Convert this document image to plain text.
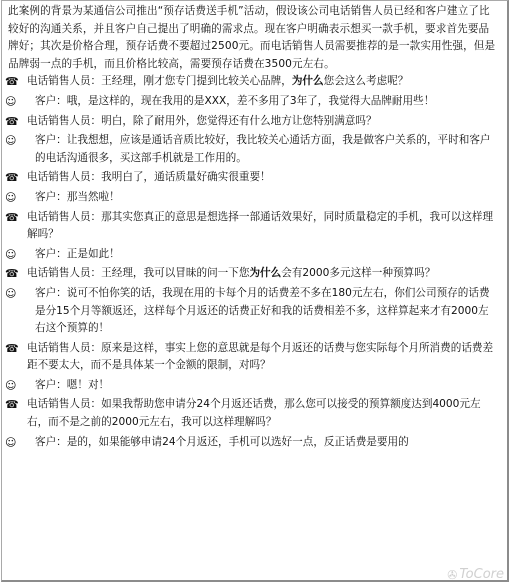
此案例的背景为某通信公司推出“预存话费送手机”活动，假设该公司电话销售人员已经和客户建立了比较好的沟通关系，并且客户自己提出了明确的需求点。现在客户明确表示想买一款手机，要求首先要品牌好；其次是价格合理，预存话费不要超过2500元。而电话销售人员需要推荐的是一款实用性强，但是品牌弱一点的手机，而且价格比较高，需要预存话费在3500元左右。
☎ 电话销售人员：王经理，刚才您专门提到比较关心品牌，为什么您会这么考虑呢？
☺	客户：哦，是这样的，现在我用的是XXX，差不多用了3年了，我觉得大品牌耐用些！
☎ 电话销售人员：明白，除了耐用外，您觉得还有什么地方让您特别满意吗？
☺	客户：让我想想，应该是通话音质比较好，我比较关心通话方面，我是做客户关系的，平时和客户的电话沟通很多，买这部手机就是工作用的。
☎ 电话销售人员：我明白了，通话质量好确实很重要！
☺	客户：那当然啦！
☎ 电话销售人员：那其实您真正的意思是想选择一部通话效果好，同时质量稳定的手机，我可以这样理解吗？
☺	客户：正是如此！
☎ 电话销售人员：王经理，我可以冒昧的问一下您为什么会有2000多元这样一种预算吗？
☺	客户：说可不怕你笑的话，我现在用的卡每个月的话费差不多在180元左右，你们公司预存的话费是分15个月等额返还，这样每个月返还的话费正好和我的话费相差不多，这样算起来才有2000左右这个预算的！
☎ 电话销售人员：原来是这样，事实上您的意思就是每个月返还的话费与您实际每个月所消费的话费差距不要太大，而不是具体某一个金额的限制，对吗？
☺	客户：嗯！对！
☎ 电话销售人员：如果我帮助您申请分24个月返还话费，那么您可以接受的预算额度达到4000元左右，而不是之前的2000元左右，我可以这样理解吗？
☺	客户：是的，如果能够申请24个月返还，手机可以选好一点，反正话费是要用的
✇ ToCore
